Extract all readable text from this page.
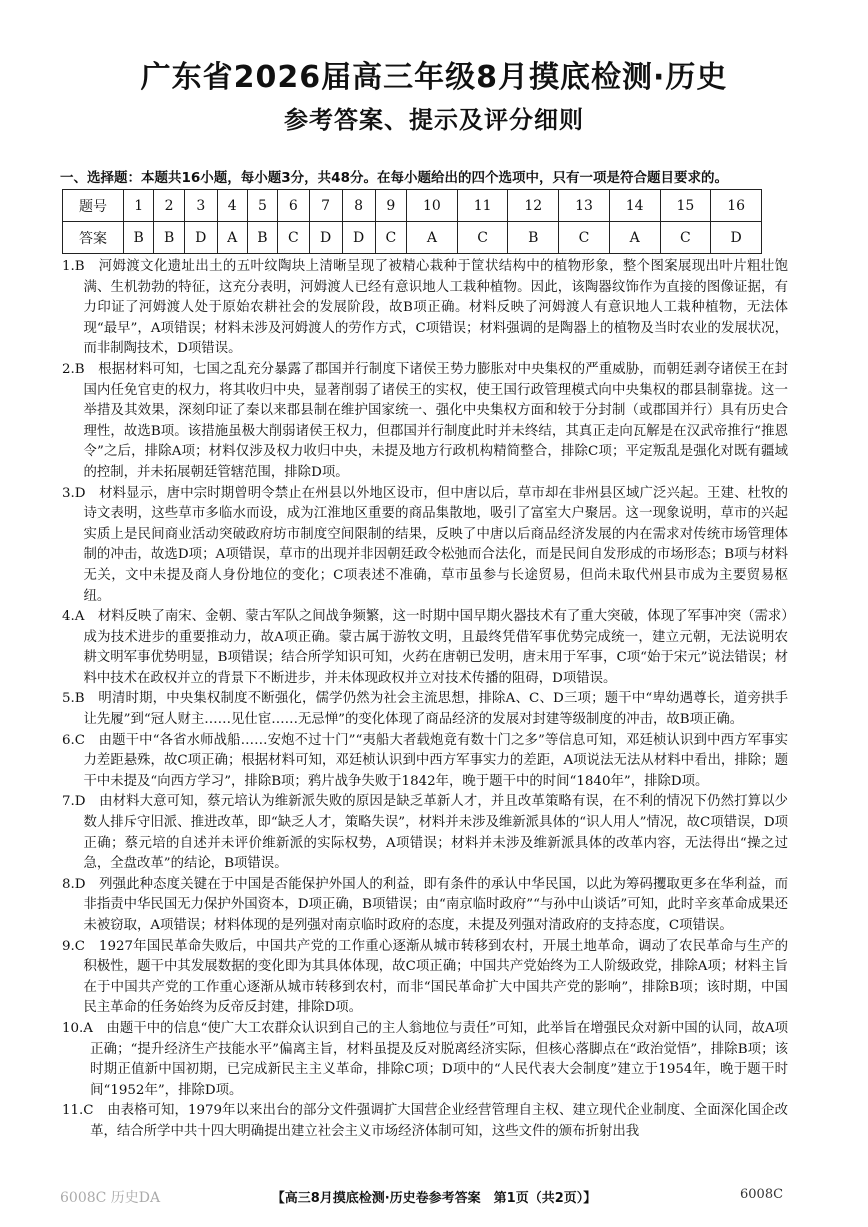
广东省2026届高三年级8月摸底检测·历史
参考答案、提示及评分细则
一、选择题：本题共16小题，每小题3分，共48分。在每小题给出的四个选项中，只有一项是符合题目要求的。
题号	1	2	3	4	5	6	7	8	9	10	11	12	13	14	15	16
答案	B	B	D	A	B	C	D	D	C	A	C	B	C	A	C	D

1.B　河姆渡文化遗址出土的五叶纹陶块上清晰呈现了被精心栽种于筐状结构中的植物形象，整个图案展现出叶片粗壮饱满、生机勃勃的特征，这充分表明，河姆渡人已经有意识地人工栽种植物。因此，该陶器纹饰作为直接的图像证据，有力印证了河姆渡人处于原始农耕社会的发展阶段，故B项正确。材料反映了河姆渡人有意识地人工栽种植物，无法体现“最早”，A项错误；材料未涉及河姆渡人的劳作方式，C项错误；材料强调的是陶器上的植物及当时农业的发展状况，而非制陶技术，D项错误。

2.B　根据材料可知，七国之乱充分暴露了郡国并行制度下诸侯王势力膨胀对中央集权的严重威胁，而朝廷剥夺诸侯王在封国内任免官吏的权力，将其收归中央，显著削弱了诸侯王的实权，使王国行政管理模式向中央集权的郡县制靠拢。这一举措及其效果，深刻印证了秦以来郡县制在维护国家统一、强化中央集权方面和较于分封制（或郡国并行）具有历史合理性，故选B项。该措施虽极大削弱诸侯王权力，但郡国并行制度此时并未终结，其真正走向瓦解是在汉武帝推行“推恩令”之后，排除A项；材料仅涉及权力收归中央，未提及地方行政机构精简整合，排除C项；平定叛乱是强化对既有疆域的控制，并未拓展朝廷管辖范围，排除D项。

3.D　材料显示，唐中宗时期曾明令禁止在州县以外地区设市，但中唐以后，草市却在非州县区域广泛兴起。王建、杜牧的诗文表明，这些草市多临水而设，成为江淮地区重要的商品集散地，吸引了富室大户聚居。这一现象说明，草市的兴起实质上是民间商业活动突破政府坊市制度空间限制的结果，反映了中唐以后商品经济发展的内在需求对传统市场管理体制的冲击，故选D项；A项错误，草市的出现并非因朝廷政令松弛而合法化，而是民间自发形成的市场形态；B项与材料无关，文中未提及商人身份地位的变化；C项表述不准确，草市虽参与长途贸易，但尚未取代州县市成为主要贸易枢纽。

4.A　材料反映了南宋、金朝、蒙古军队之间战争频繁，这一时期中国早期火器技术有了重大突破，体现了军事冲突（需求）成为技术进步的重要推动力，故A项正确。蒙古属于游牧文明，且最终凭借军事优势完成统一，建立元朝，无法说明农耕文明军事优势明显，B项错误；结合所学知识可知，火药在唐朝已发明，唐末用于军事，C项“始于宋元”说法错误；材料中技术在政权并立的背景下不断进步，并未体现政权并立对技术传播的阻碍，D项错误。

5.B　明清时期，中央集权制度不断强化，儒学仍然为社会主流思想，排除A、C、D三项；题干中“卑幼遇尊长，道旁拱手让先履”到“冠人财主……见仕宦……无忌惮”的变化体现了商品经济的发展对封建等级制度的冲击，故B项正确。

6.C　由题干中“各省水师战船……安炮不过十门”“夷船大者载炮竟有数十门之多”等信息可知，邓廷桢认识到中西方军事实力差距悬殊，故C项正确；根据材料可知，邓廷桢认识到中西方军事实力的差距，A项说法无法从材料中看出，排除；题干中未提及“向西方学习”，排除B项；鸦片战争失败于1842年，晚于题干中的时间“1840年”，排除D项。

7.D　由材料大意可知，蔡元培认为维新派失败的原因是缺乏革新人才，并且改革策略有误，在不利的情况下仍然打算以少数人排斥守旧派、推进改革，即“缺乏人才，策略失误”，材料并未涉及维新派具体的“识人用人”情况，故C项错误，D项正确；蔡元培的自述并未评价维新派的实际权势，A项错误；材料并未涉及维新派具体的改革内容，无法得出“操之过急，全盘改革”的结论，B项错误。

8.D　列强此种态度关键在于中国是否能保护外国人的利益，即有条件的承认中华民国，以此为筹码攫取更多在华利益，而非指责中华民国无力保护外国资本，D项正确，B项错误；由“南京临时政府”“与孙中山谈话”可知，此时辛亥革命成果还未被窃取，A项错误；材料体现的是列强对南京临时政府的态度，未提及列强对清政府的支持态度，C项错误。

9.C　1927年国民革命失败后，中国共产党的工作重心逐渐从城市转移到农村，开展土地革命，调动了农民革命与生产的积极性，题干中其发展数据的变化即为其具体体现，故C项正确；中国共产党始终为工人阶级政党，排除A项；材料主旨在于中国共产党的工作重心逐渐从城市转移到农村，而非“国民革命扩大中国共产党的影响”，排除B项；该时期，中国民主革命的任务始终为反帝反封建，排除D项。

10.A　由题干中的信息“使广大工农群众认识到自己的主人翁地位与责任”可知，此举旨在增强民众对新中国的认同，故A项正确；“提升经济生产技能水平”偏离主旨，材料虽提及反对脱离经济实际，但核心落脚点在“政治觉悟”，排除B项；该时期正值新中国初期，已完成新民主主义革命，排除C项；D项中的“人民代表大会制度”建立于1954年，晚于题干时间“1952年”，排除D项。

11.C　由表格可知，1979年以来出台的部分文件强调扩大国营企业经营管理自主权、建立现代企业制度、全面深化国企改革，结合所学中共十四大明确提出建立社会主义市场经济体制可知，这些文件的颁布折射出我

6008C 历史DA	【高三8月摸底检测·历史卷参考答案　第1页（共2页）】	6008C
